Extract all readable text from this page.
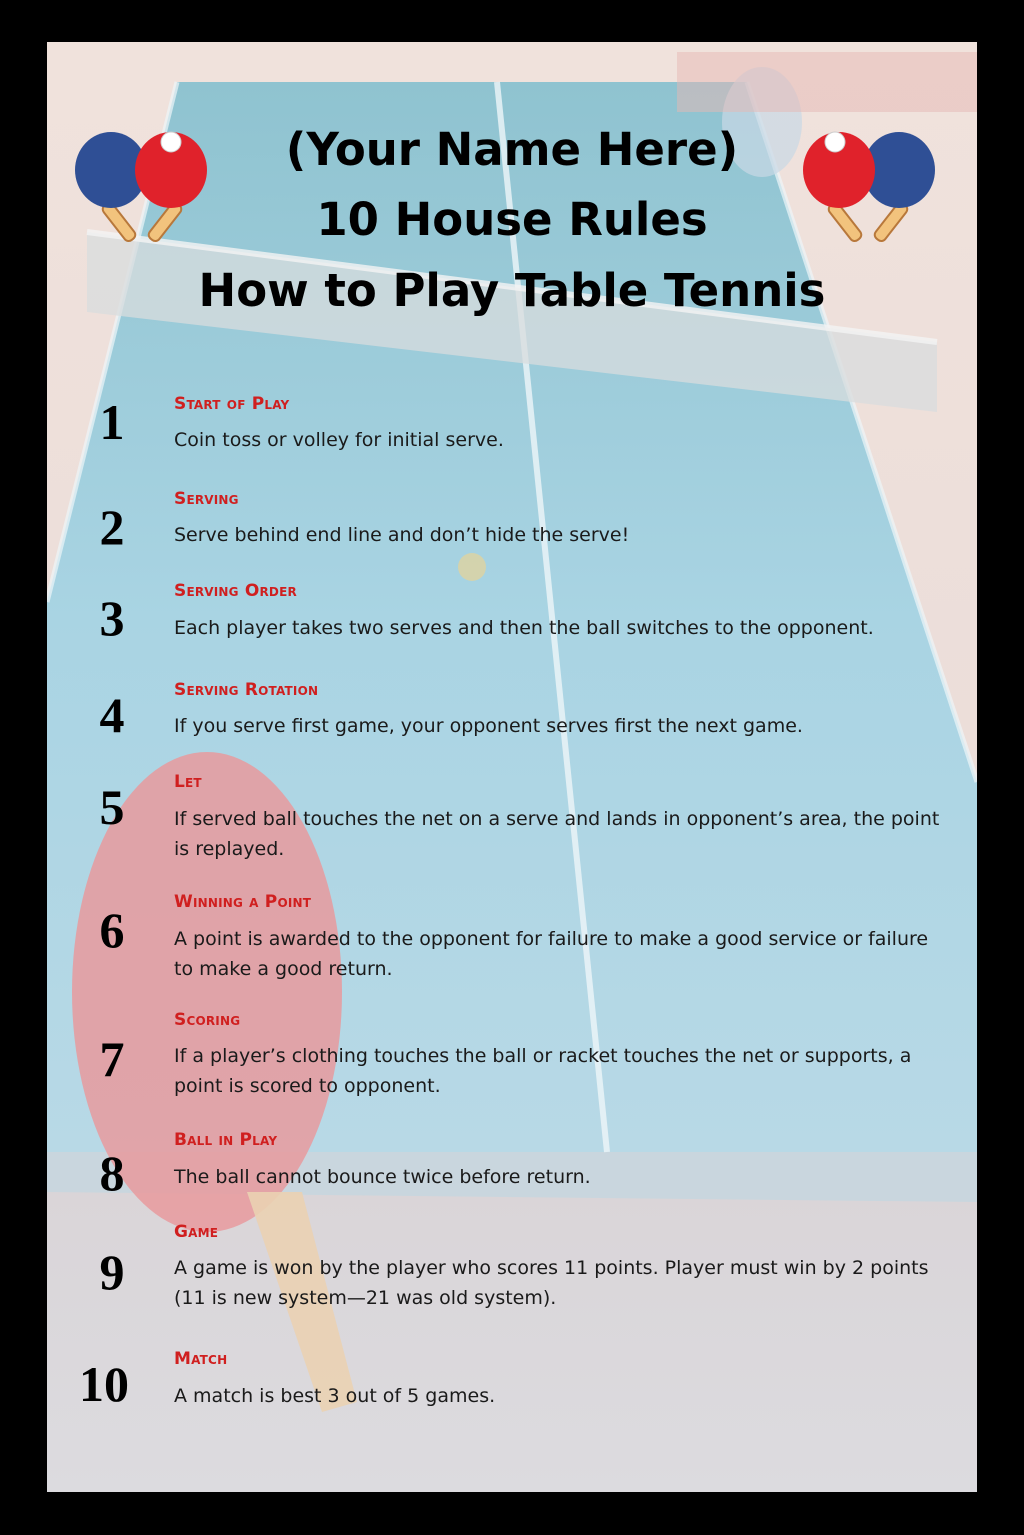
(Your Name Here)
10 House Rules
How to Play Table Tennis
1	Start of Play
Coin toss or volley for initial serve.
2	Serving
Serve behind end line and don’t hide the serve!
3	Serving Order
Each player takes two serves and then the ball switches to the opponent.
4	Serving Rotation
If you serve first game, your opponent serves first the next game.
5	Let
If served ball touches the net on a serve and lands in opponent’s area, the point is replayed.
6	Winning a Point
A point is awarded to the opponent for failure to make a good service or failure to make a good return.
7
Scoring
If a player’s clothing touches the ball or racket touches the net or supports, a point is scored to opponent.
8
Ball in Play
The ball cannot bounce twice before return.
9
Game
A game is won by the player who scores 11 points. Player must win by 2 points (11 is new system—21 was old system).
10	Match
A match is best 3 out of 5 games.
